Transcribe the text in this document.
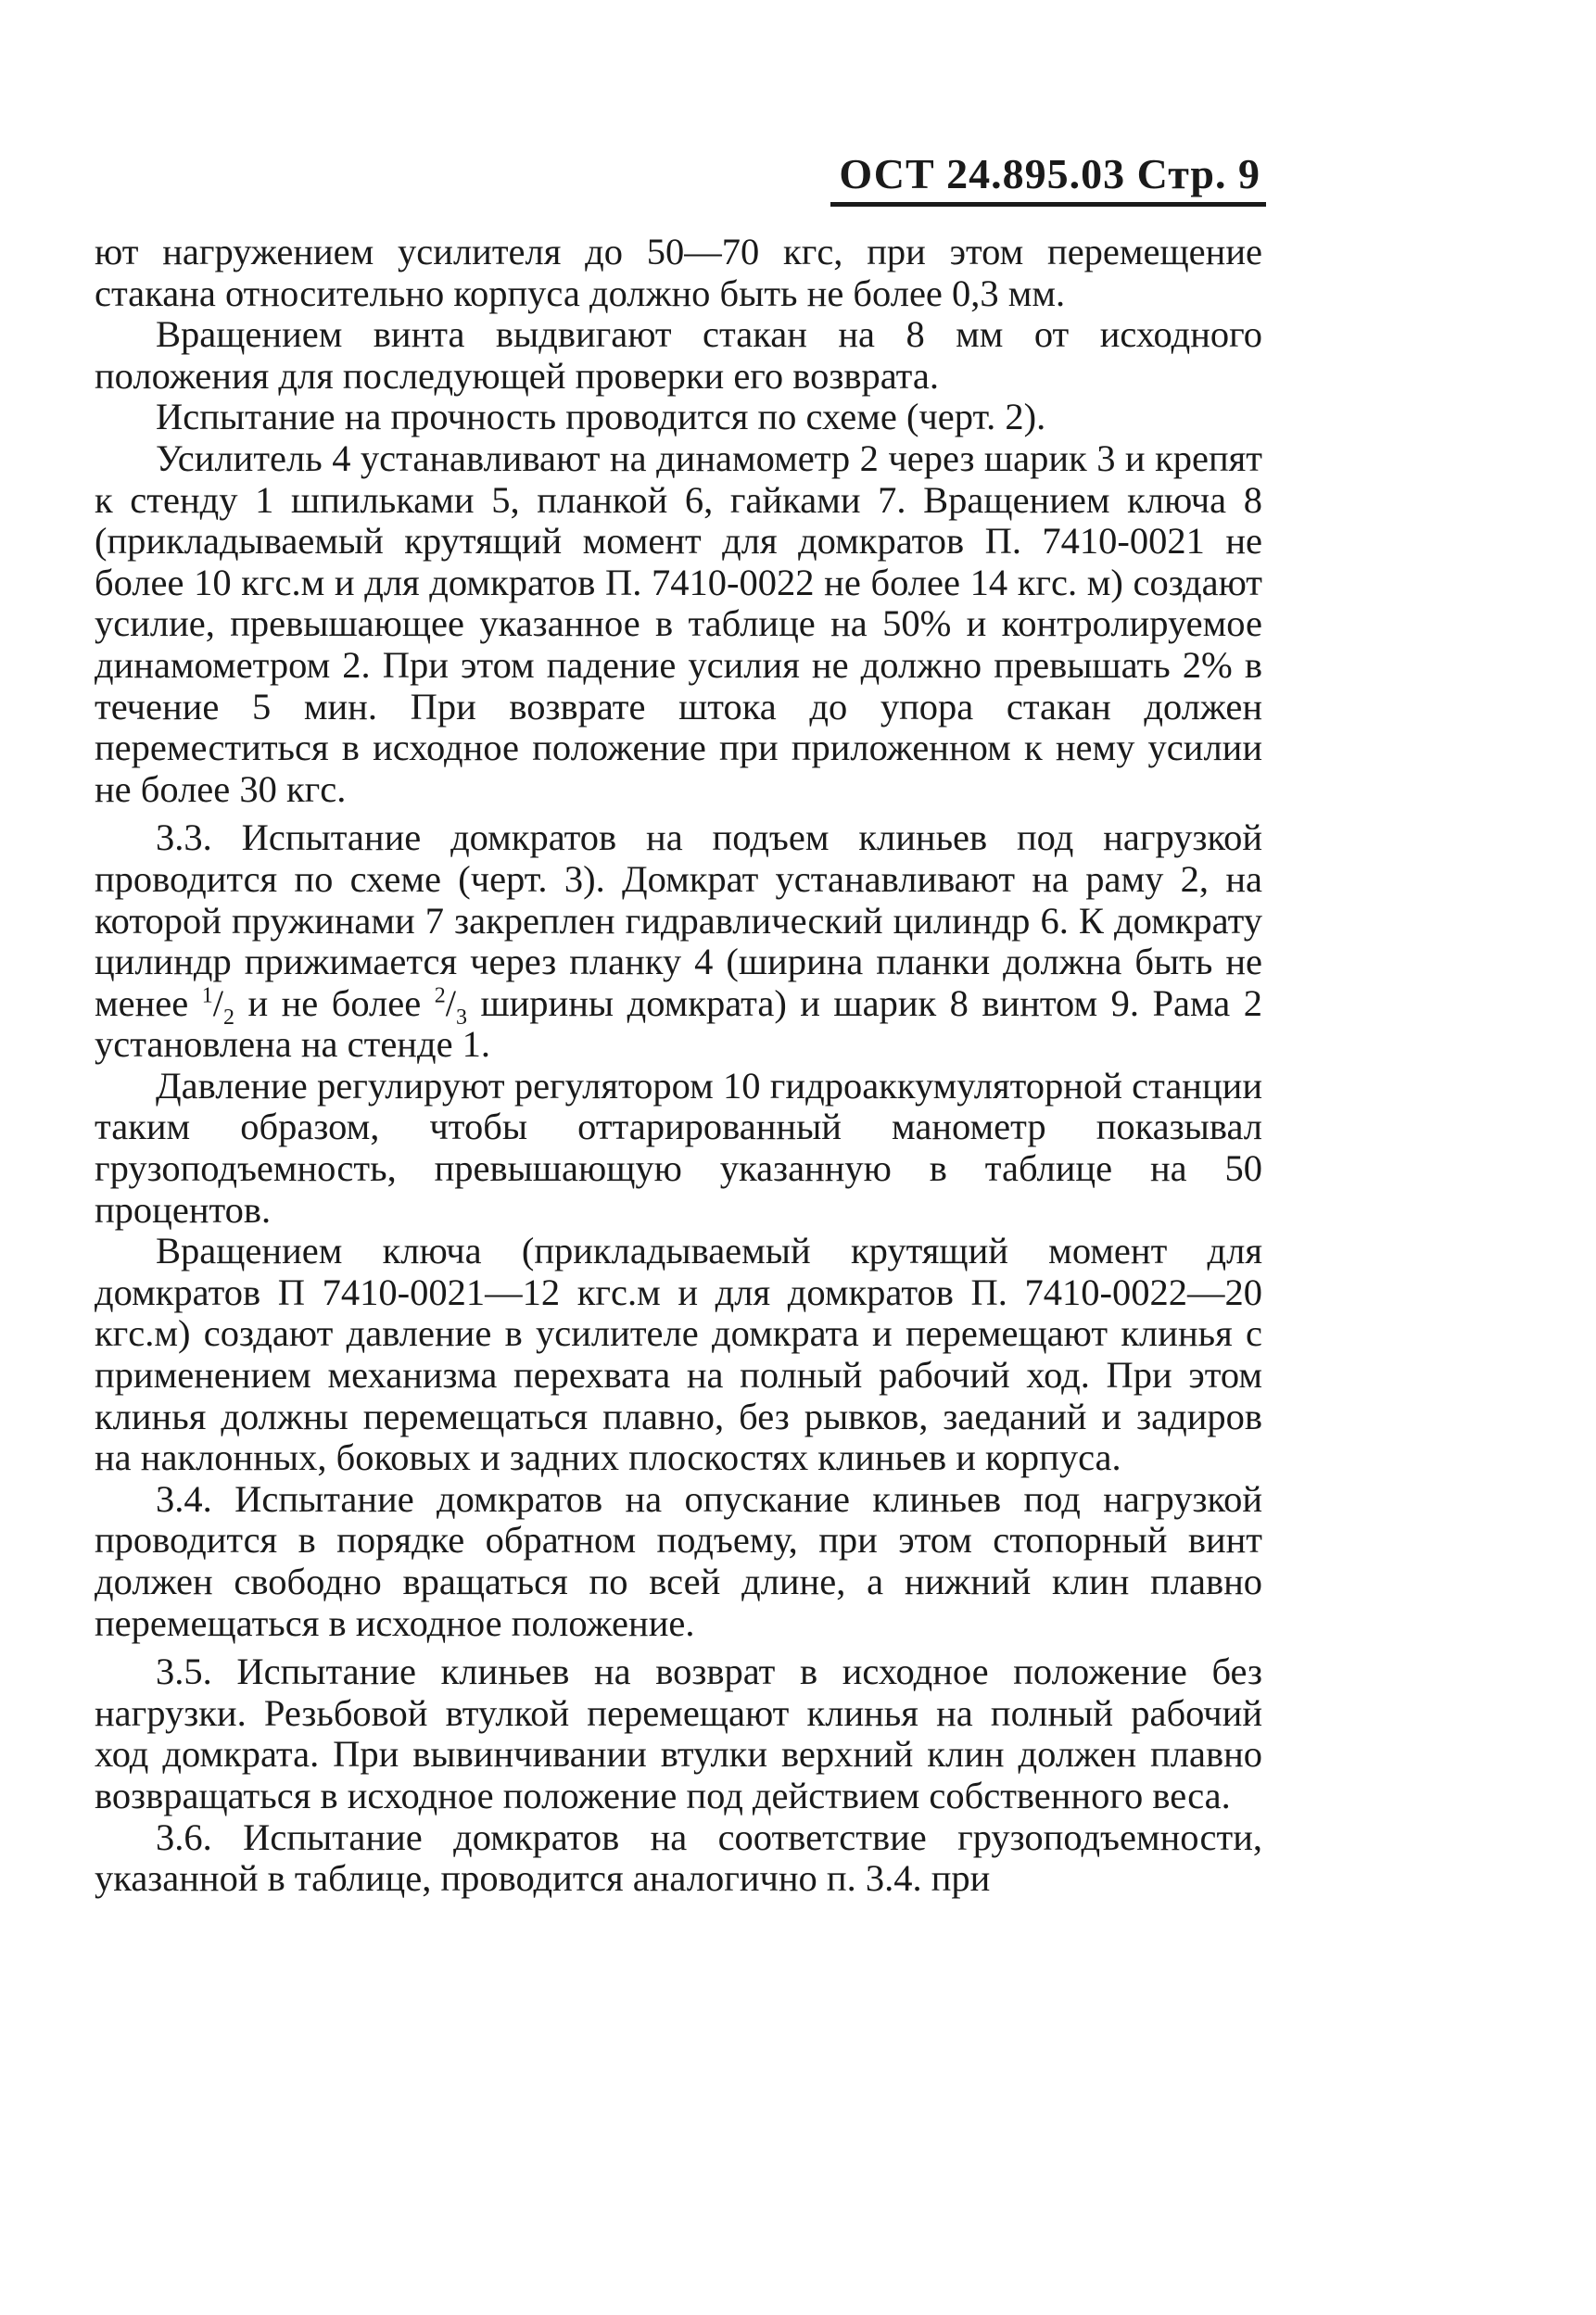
ОСТ 24.895.03 Стр. 9

ют нагружением усилителя до 50—70 кгс, при этом перемещение стакана относительно корпуса должно быть не более 0,3 мм.

Вращением винта выдвигают стакан на 8 мм от исходного положения для последующей проверки его возврата.

Испытание на прочность проводится по схеме (черт. 2).

Усилитель 4 устанавливают на динамометр 2 через шарик 3 и крепят к стенду 1 шпильками 5, планкой 6, гайками 7. Вращением ключа 8 (прикладываемый крутящий момент для домкратов П. 7410-0021 не более 10 кгс.м и для домкратов П. 7410-0022 не более 14 кгс. м) создают усилие, превышающее указанное в таблице на 50% и контролируемое динамометром 2. При этом падение усилия не должно превышать 2% в течение 5 мин. При возврате штока до упора стакан должен переместиться в исходное положение при приложенном к нему усилии не более 30 кгс.

3.3. Испытание домкратов на подъем клиньев под нагрузкой проводится по схеме (черт. 3). Домкрат устанавливают на раму 2, на которой пружинами 7 закреплен гидравлический цилиндр 6. К домкрату цилиндр прижимается через планку 4 (ширина планки должна быть не менее $^1/_2$ и не более $^2/_3$ ширины домкрата) и шарик 8 винтом 9. Рама 2 установлена на стенде 1.

Давление регулируют регулятором 10 гидроаккумуляторной станции таким образом, чтобы оттарированный манометр показывал грузоподъемность, превышающую указанную в таблице на 50 процентов.

Вращением ключа (прикладываемый крутящий момент для домкратов П 7410-0021—12 кгс.м и для домкратов П. 7410-0022—20 кгс.м) создают давление в усилителе домкрата и перемещают клинья с применением механизма перехвата на полный рабочий ход. При этом клинья должны перемещаться плавно, без рывков, заеданий и задиров на наклонных, боковых и задних плоскостях клиньев и корпуса.

3.4. Испытание домкратов на опускание клиньев под нагрузкой проводится в порядке обратном подъему, при этом стопорный винт должен свободно вращаться по всей длине, а нижний клин плавно перемещаться в исходное положение.

3.5. Испытание клиньев на возврат в исходное положение без нагрузки. Резьбовой втулкой перемещают клинья на полный рабочий ход домкрата. При вывинчивании втулки верхний клин должен плавно возвращаться в исходное положение под действием собственного веса.

3.6. Испытание домкратов на соответствие грузоподъемности, указанной в таблице, проводится аналогично п. 3.4. при
